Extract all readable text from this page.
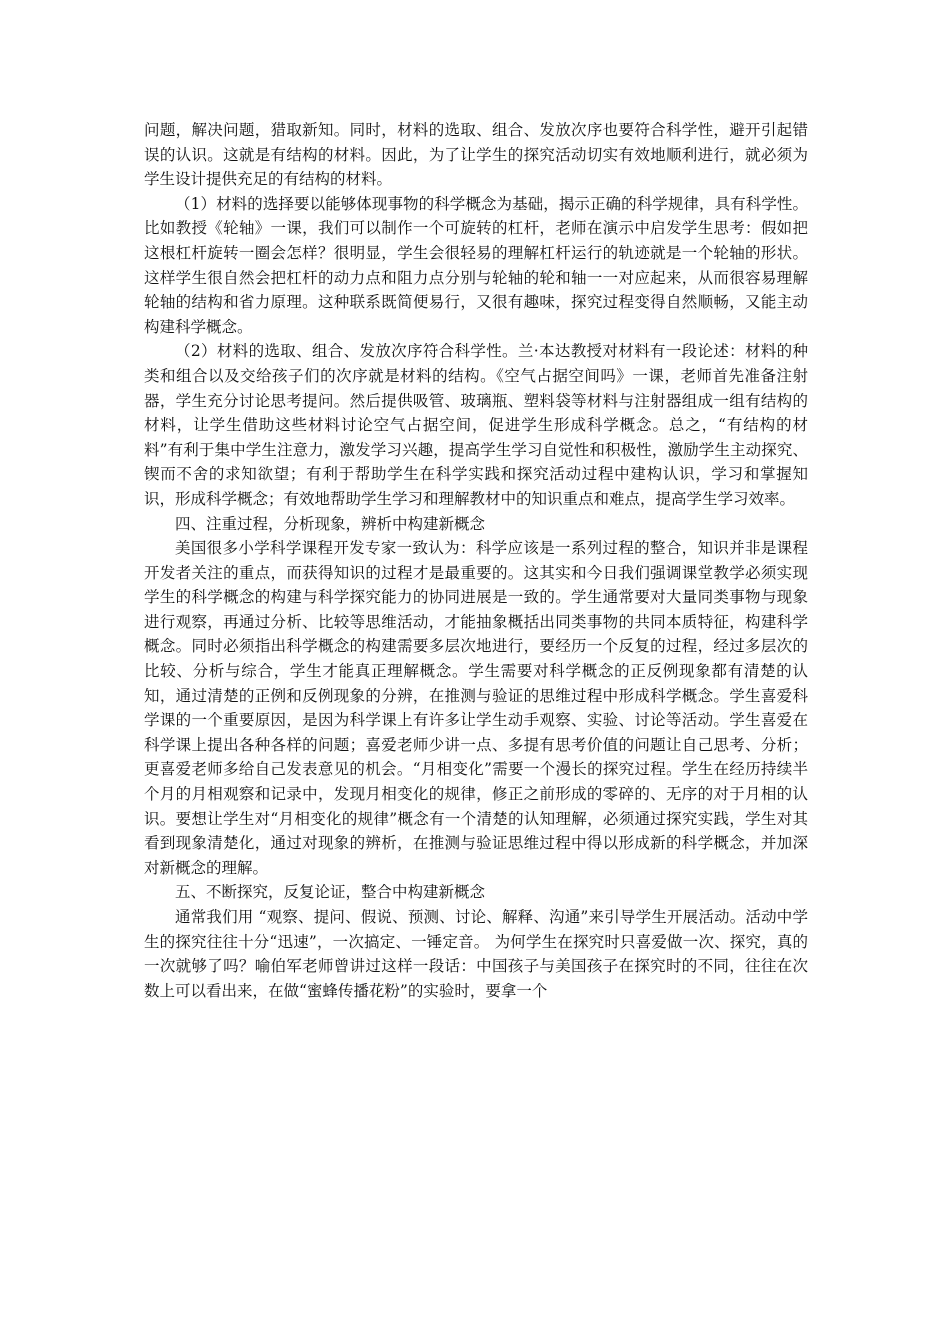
问题，解决问题，猎取新知。同时，材料的选取、组合、发放次序也要符合科学性，避开引起错误的认识。这就是有结构的材料。因此，为了让学生的探究活动切实有效地顺利进行，就必须为学生设计提供充足的有结构的材料。

（1）材料的选择要以能够体现事物的科学概念为基础，揭示正确的科学规律，具有科学性。比如教授《轮轴》一课，我们可以制作一个可旋转的杠杆，老师在演示中启发学生思考：假如把这根杠杆旋转一圈会怎样？很明显，学生会很轻易的理解杠杆运行的轨迹就是一个轮轴的形状。这样学生很自然会把杠杆的动力点和阻力点分别与轮轴的轮和轴一一对应起来，从而很容易理解轮轴的结构和省力原理。这种联系既简便易行，又很有趣味，探究过程变得自然顺畅，又能主动构建科学概念。

（2）材料的选取、组合、发放次序符合科学性。兰·本达教授对材料有一段论述：材料的种类和组合以及交给孩子们的次序就是材料的结构。《空气占据空间吗》一课，老师首先准备注射器，学生充分讨论思考提问。然后提供吸管、玻璃瓶、塑料袋等材料与注射器组成一组有结构的材料，让学生借助这些材料讨论空气占据空间，促进学生形成科学概念。总之，“有结构的材料”有利于集中学生注意力，激发学习兴趣，提高学生学习自觉性和积极性，激励学生主动探究、锲而不舍的求知欲望；有利于帮助学生在科学实践和探究活动过程中建构认识，学习和掌握知识，形成科学概念；有效地帮助学生学习和理解教材中的知识重点和难点，提高学生学习效率。

四、注重过程，分析现象，辨析中构建新概念

美国很多小学科学课程开发专家一致认为：科学应该是一系列过程的整合，知识并非是课程开发者关注的重点，而获得知识的过程才是最重要的。这其实和今日我们强调课堂教学必须实现学生的科学概念的构建与科学探究能力的协同进展是一致的。学生通常要对大量同类事物与现象进行观察，再通过分析、比较等思维活动，才能抽象概括出同类事物的共同本质特征，构建科学概念。同时必须指出科学概念的构建需要多层次地进行，要经历一个反复的过程，经过多层次的比较、分析与综合，学生才能真正理解概念。学生需要对科学概念的正反例现象都有清楚的认知，通过清楚的正例和反例现象的分辨，在推测与验证的思维过程中形成科学概念。学生喜爱科学课的一个重要原因，是因为科学课上有许多让学生动手观察、实验、讨论等活动。学生喜爱在科学课上提出各种各样的问题；喜爱老师少讲一点、多提有思考价值的问题让自己思考、分析；更喜爱老师多给自己发表意见的机会。“月相变化”需要一个漫长的探究过程。学生在经历持续半个月的月相观察和记录中，发现月相变化的规律，修正之前形成的零碎的、无序的对于月相的认识。要想让学生对“月相变化的规律”概念有一个清楚的认知理解，必须通过探究实践，学生对其看到现象清楚化，通过对现象的辨析，在推测与验证思维过程中得以形成新的科学概念，并加深对新概念的理解。

五、不断探究，反复论证，整合中构建新概念

通常我们用 “观察、提问、假说、预测、讨论、解释、沟通”来引导学生开展活动。活动中学生的探究往往十分“迅速”，一次搞定、一锤定音。 为何学生在探究时只喜爱做一次、探究，真的一次就够了吗？喻伯军老师曾讲过这样一段话：中国孩子与美国孩子在探究时的不同，往往在次数上可以看出来，在做“蜜蜂传播花粉”的实验时，要拿一个
